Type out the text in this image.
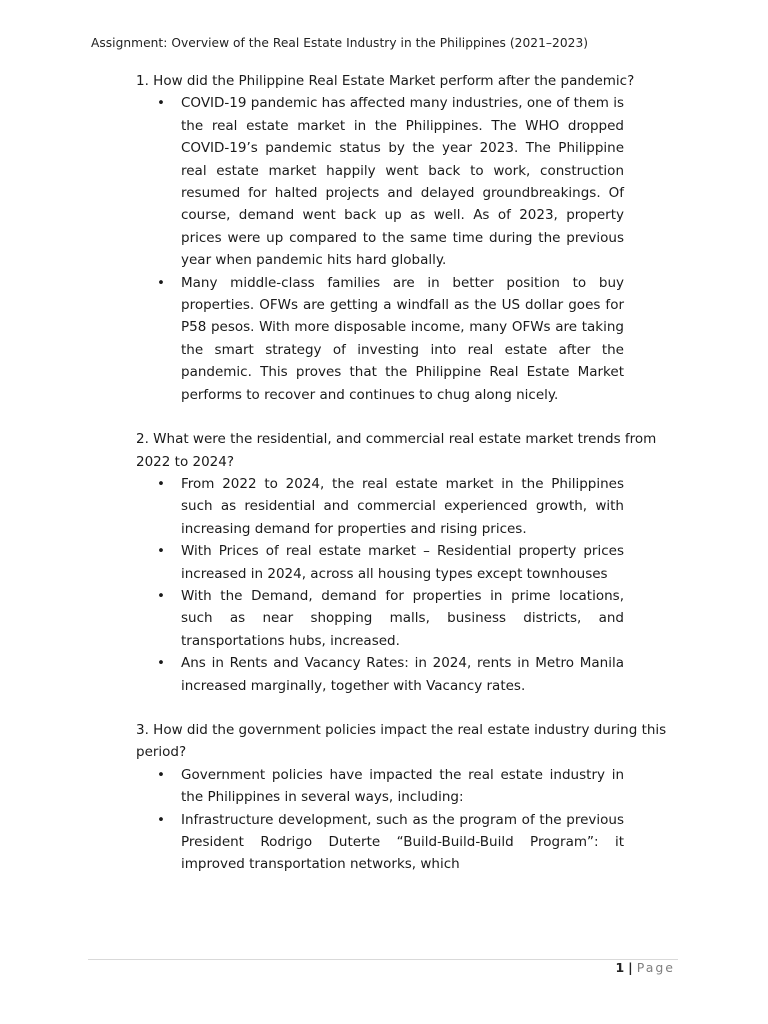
Assignment: Overview of the Real Estate Industry in the Philippines (2021–2023)

1. How did the Philippine Real Estate Market perform after the pandemic?

• COVID-19 pandemic has affected many industries, one of them is the real estate market in the Philippines. The WHO dropped COVID-19’s pandemic status by the year 2023. The Philippine real estate market happily went back to work, construction resumed for halted projects and delayed groundbreakings. Of course, demand went back up as well. As of 2023, property prices were up compared to the same time during the previous year when pandemic hits hard globally.
• Many middle-class families are in better position to buy properties. OFWs are getting a windfall as the US dollar goes for P58 pesos. With more disposable income, many OFWs are taking the smart strategy of investing into real estate after the pandemic. This proves that the Philippine Real Estate Market performs to recover and continues to chug along nicely.

2. What were the residential, and commercial real estate market trends from 2022 to 2024?

• From 2022 to 2024, the real estate market in the Philippines such as residential and commercial experienced growth, with increasing demand for properties and rising prices.
• With Prices of real estate market – Residential property prices increased in 2024, across all housing types except townhouses
• With the Demand, demand for properties in prime locations, such as near shopping malls, business districts, and transportations hubs, increased.
• Ans in Rents and Vacancy Rates: in 2024, rents in Metro Manila increased marginally, together with Vacancy rates.

3. How did the government policies impact the real estate industry during this period?

• Government policies have impacted the real estate industry in the Philippines in several ways, including:
• Infrastructure development, such as the program of the previous President Rodrigo Duterte “Build-Build-Build Program”: it improved transportation networks, which
1 | Page
